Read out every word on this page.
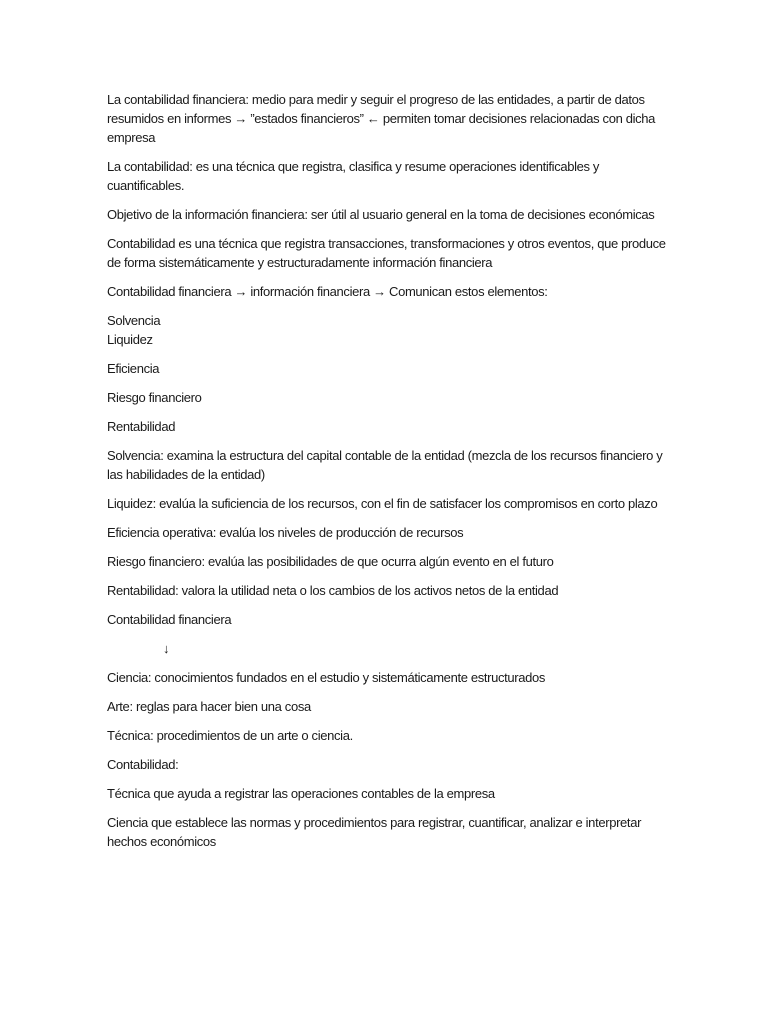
La contabilidad financiera: medio para medir y seguir el progreso de las entidades, a partir de datos resumidos en informes → ”estados financieros” ← permiten tomar decisiones relacionadas con dicha empresa

La contabilidad: es una técnica que registra, clasifica y resume operaciones identificables y cuantificables.

Objetivo de la información financiera: ser útil al usuario general en la toma de decisiones económicas

Contabilidad es una técnica que registra transacciones, transformaciones y otros eventos, que produce de forma sistemáticamente y estructuradamente información financiera

Contabilidad financiera → información financiera → Comunican estos elementos:

Solvencia

Liquidez

Eficiencia

Riesgo financiero

Rentabilidad

Solvencia: examina la estructura del capital contable de la entidad (mezcla de los recursos financiero y las habilidades de la entidad)

Liquidez: evalúa la suficiencia de los recursos, con el fin de satisfacer los compromisos en corto plazo

Eficiencia operativa: evalúa los niveles de producción de recursos

Riesgo financiero: evalúa las posibilidades de que ocurra algún evento en el futuro

Rentabilidad: valora la utilidad neta o los cambios de los activos netos de la entidad

Contabilidad financiera

↓

Ciencia: conocimientos fundados en el estudio y sistemáticamente estructurados

Arte: reglas para hacer bien una cosa

Técnica: procedimientos de un arte o ciencia.

Contabilidad:

Técnica que ayuda a registrar las operaciones contables de la empresa

Ciencia que establece las normas y procedimientos para registrar, cuantificar, analizar e interpretar hechos económicos
